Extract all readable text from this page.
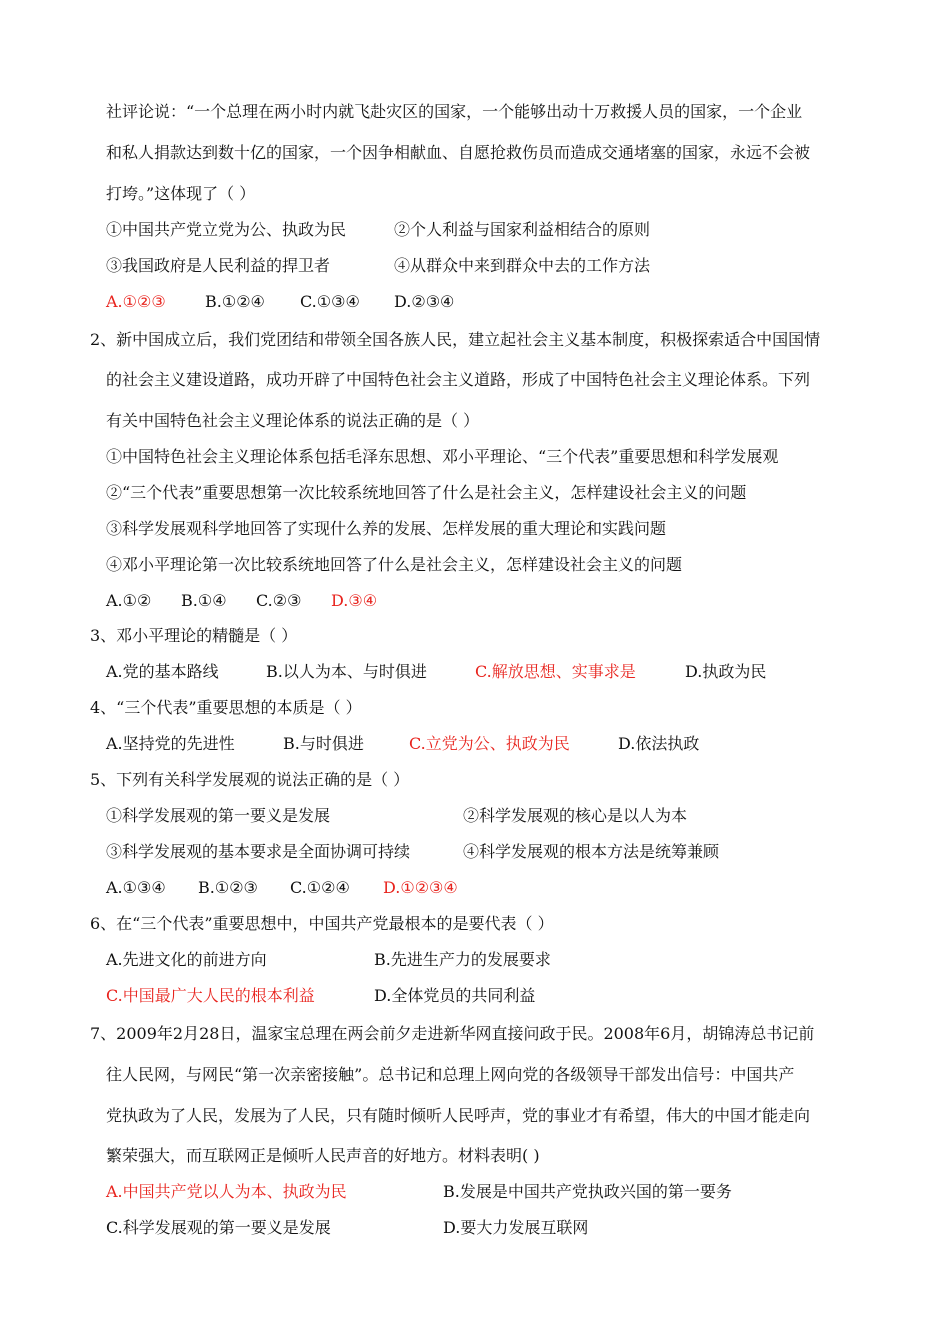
社评论说：“一个总理在两小时内就飞赴灾区的国家，一个能够出动十万救援人员的国家，一个企业
和私人捐款达到数十亿的国家，一个因争相献血、自愿抢救伤员而造成交通堵塞的国家，永远不会被
打垮。”这体现了（ ）
①中国共产党立党为公、执政为民	②个人利益与国家利益相结合的原则
③我国政府是人民利益的捍卫者	④从群众中来到群众中去的工作方法
A.①②③ B.①②④ C.①③④ D.②③④
2、新中国成立后，我们党团结和带领全国各族人民，建立起社会主义基本制度，积极探索适合中国国情
的社会主义建设道路，成功开辟了中国特色社会主义道路，形成了中国特色社会主义理论体系。下列
有关中国特色社会主义理论体系的说法正确的是（ ）
①中国特色社会主义理论体系包括毛泽东思想、邓小平理论、“三个代表”重要思想和科学发展观
②“三个代表”重要思想第一次比较系统地回答了什么是社会主义，怎样建设社会主义的问题
③科学发展观科学地回答了实现什么养的发展、怎样发展的重大理论和实践问题
④邓小平理论第一次比较系统地回答了什么是社会主义，怎样建设社会主义的问题
A.①② B.①④ C.②③ D.③④
3、邓小平理论的精髓是（ ）
A.党的基本路线	B.以人为本、与时俱进	C.解放思想、实事求是	D.执政为民
4、“三个代表”重要思想的本质是（ ）
A.坚持党的先进性	B.与时俱进	C.立党为公、执政为民	D.依法执政
5、下列有关科学发展观的说法正确的是（ ）
①科学发展观的第一要义是发展	②科学发展观的核心是以人为本
③科学发展观的基本要求是全面协调可持续	④科学发展观的根本方法是统筹兼顾
A.①③④ B.①②③ C.①②④ D.①②③④
6、在“三个代表”重要思想中，中国共产党最根本的是要代表（ ）
A.先进文化的前进方向	B.先进生产力的发展要求
C.中国最广大人民的根本利益	D.全体党员的共同利益
7、2009年2月28日，温家宝总理在两会前夕走进新华网直接问政于民。2008年6月，胡锦涛总书记前
往人民网，与网民“第一次亲密接触”。总书记和总理上网向党的各级领导干部发出信号：中国共产
党执政为了人民，发展为了人民，只有随时倾听人民呼声，党的事业才有希望，伟大的中国才能走向
繁荣强大，而互联网正是倾听人民声音的好地方。材料表明( )
A.中国共产党以人为本、执政为民	B.发展是中国共产党执政兴国的第一要务
C.科学发展观的第一要义是发展	D.要大力发展互联网
